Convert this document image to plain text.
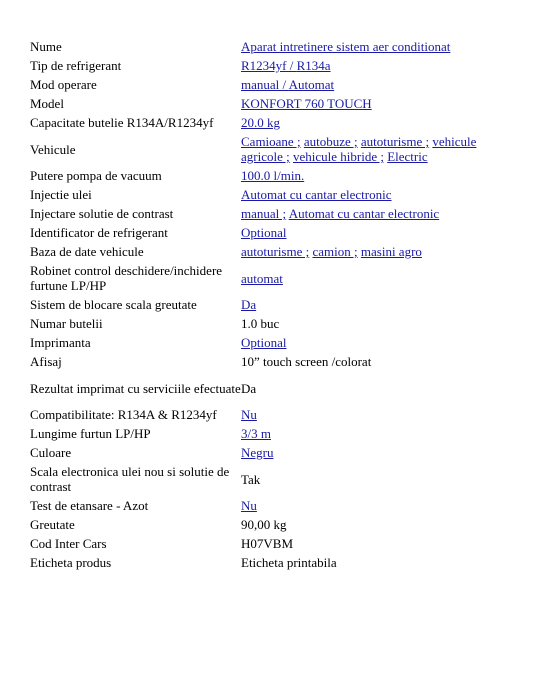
Nume	Aparat intretinere sistem aer conditionat
Tip de refrigerant	R1234yf / R134a
Mod operare	manual / Automat
Model	KONFORT 760 TOUCH
Capacitate butelie R134A/R1234yf	20.0 kg
Vehicule	Camioane ; autobuze ; autoturisme ; vehicule agricole ; vehicule hibride ; Electric
Putere pompa de vacuum	100.0 l/min.
Injectie ulei	Automat cu cantar electronic
Injectare solutie de contrast	manual ; Automat cu cantar electronic
Identificator de refrigerant	Optional
Baza de date vehicule	autoturisme ; camion ; masini agro
Robinet control deschidere/inchidere furtune LP/HP	automat
Sistem de blocare scala greutate	Da
Numar butelii	1.0 buc
Imprimanta	Optional
Afisaj	10” touch screen /colorat
Rezultat imprimat cu serviciile efectuate	Da
Compatibilitate: R134A & R1234yf	Nu
Lungime furtun LP/HP	3/3 m
Culoare	Negru
Scala electronica ulei nou si solutie de contrast	Tak
Test de etansare - Azot	Nu
Greutate	90,00 kg
Cod Inter Cars	H07VBM
Eticheta produs	Eticheta printabila
